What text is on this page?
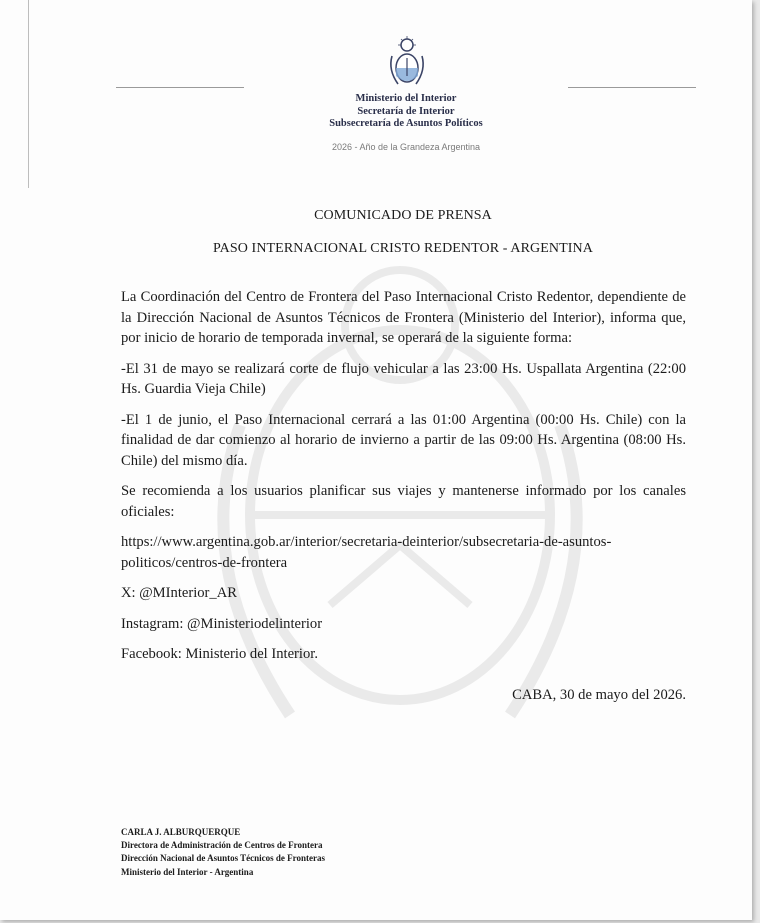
Ministerio del Interior
Secretaría de Interior
Subsecretaría de Asuntos Políticos
2026 - Año de la Grandeza Argentina
COMUNICADO DE PRENSA
PASO INTERNACIONAL CRISTO REDENTOR - ARGENTINA

La Coordinación del Centro de Frontera del Paso Internacional Cristo Redentor, dependiente de la Dirección Nacional de Asuntos Técnicos de Frontera (Ministerio del Interior), informa que, por inicio de horario de temporada invernal, se operará de la siguiente forma:

-El 31 de mayo se realizará corte de flujo vehicular a las 23:00 Hs. Uspallata Argentina (22:00 Hs. Guardia Vieja Chile)

-El 1 de junio, el Paso Internacional cerrará a las 01:00 Argentina (00:00 Hs. Chile) con la finalidad de dar comienzo al horario de invierno a partir de las 09:00 Hs. Argentina (08:00 Hs. Chile) del mismo día.

Se recomienda a los usuarios planificar sus viajes y mantenerse informado por los canales oficiales:

https://www.argentina.gob.ar/interior/secretaria-deinterior/subsecretaria-de-asuntos-politicos/centros-de-frontera

X: @MInterior_AR

Instagram: @Ministeriodelinterior

Facebook: Ministerio del Interior.

CABA, 30 de mayo del 2026.
CARLA J. ALBURQUERQUE
Directora de Administración de Centros de Frontera
Dirección Nacional de Asuntos Técnicos de Fronteras
Ministerio del Interior - Argentina
